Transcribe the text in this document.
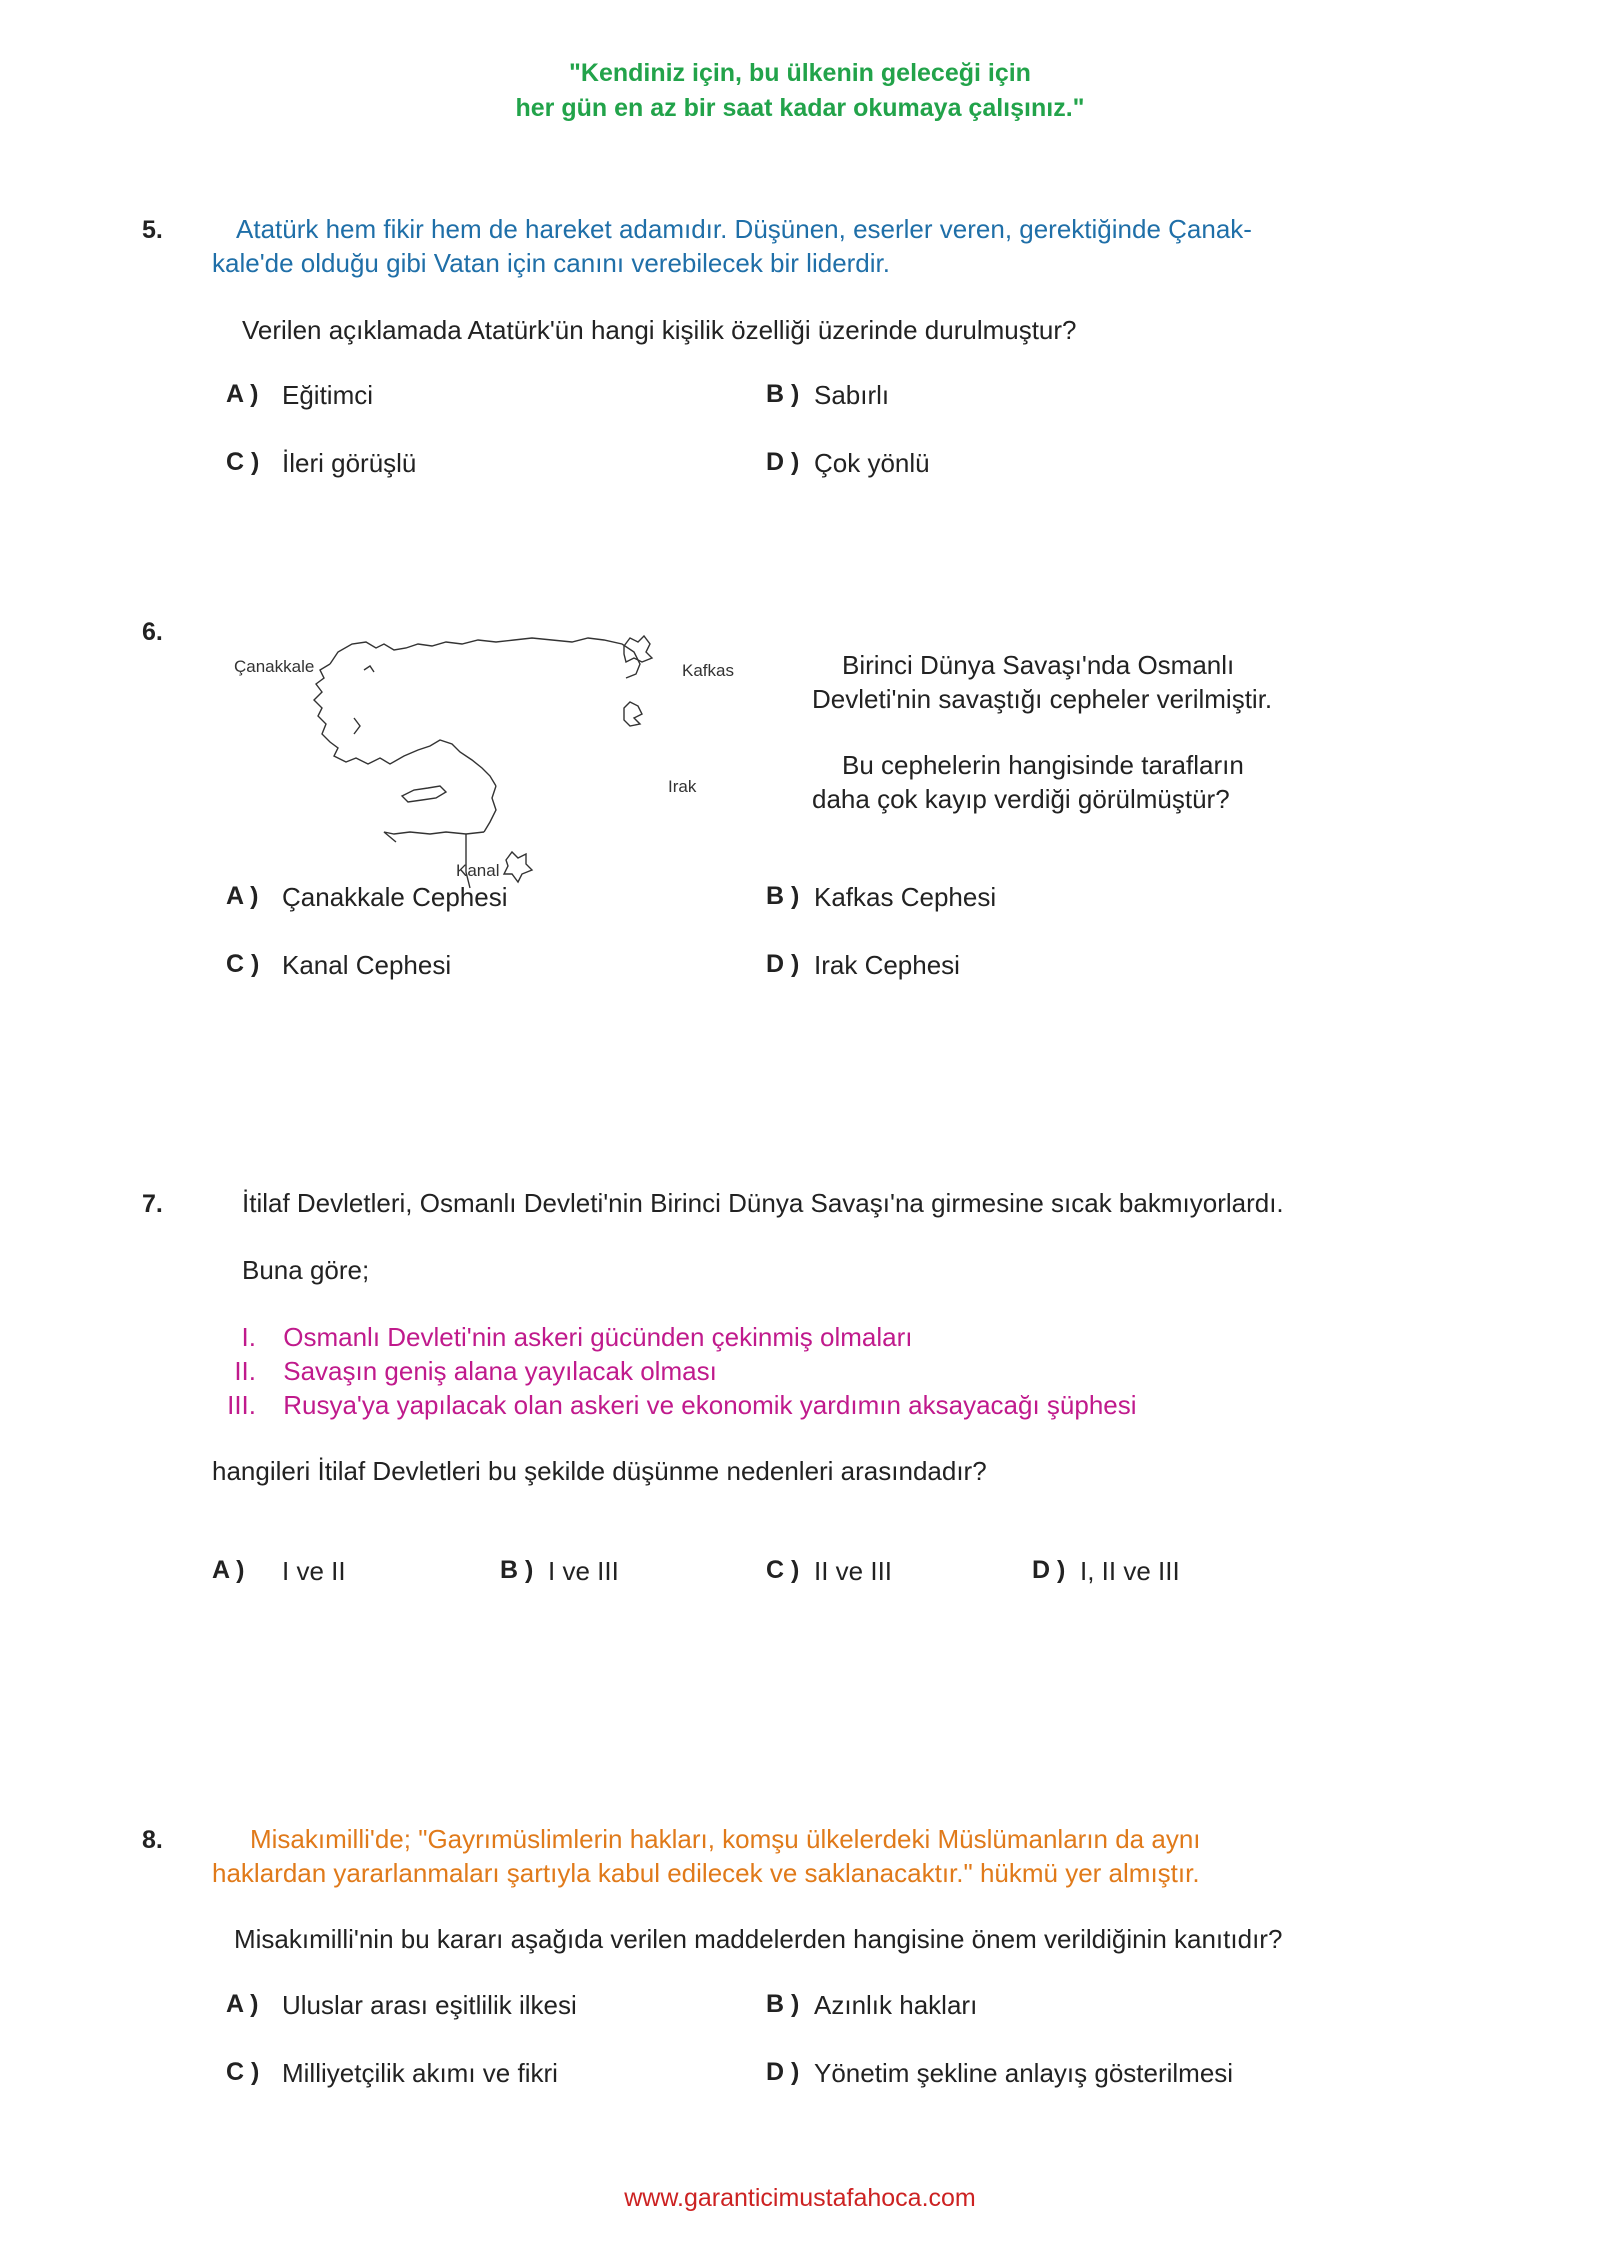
"Kendiniz için, bu ülkenin geleceği için
her gün en az bir saat kadar okumaya çalışınız."
5.	Atatürk hem fikir hem de hareket adamıdır. Düşünen, eserler veren, gerektiğinde Çanak-
kale'de olduğu gibi Vatan için canını verebilecek bir liderdir.
Verilen açıklamada Atatürk'ün hangi kişilik özelliği üzerinde durulmuştur?
A ) Eğitimci	B ) Sabırlı
C ) İleri görüşlü	D ) Çok yönlü
6.
Çanakkale	Kafkas
Irak
Kanal
Birinci Dünya Savaşı'nda Osmanlı
Devleti'nin savaştığı cepheler verilmiştir.
Bu cephelerin hangisinde tarafların
daha çok kayıp verdiği görülmüştür?
A ) Çanakkale Cephesi	B ) Kafkas Cephesi
C ) Kanal Cephesi	D ) Irak Cephesi
7.	İtilaf Devletleri, Osmanlı Devleti'nin Birinci Dünya Savaşı'na girmesine sıcak bakmıyorlardı.
Buna göre;
I. Osmanlı Devleti'nin askeri gücünden çekinmiş olmaları
II. Savaşın geniş alana yayılacak olması
III. Rusya'ya yapılacak olan askeri ve ekonomik yardımın aksayacağı şüphesi
hangileri İtilaf Devletleri bu şekilde düşünme nedenleri arasındadır?
A ) I ve II	B ) I ve III	C ) II ve III	D ) I, II ve III
8.	Misakımilli'de; "Gayrımüslimlerin hakları, komşu ülkelerdeki Müslümanların da aynı
haklardan yararlanmaları şartıyla kabul edilecek ve saklanacaktır." hükmü yer almıştır.
Misakımilli'nin bu kararı aşağıda verilen maddelerden hangisine önem verildiğinin kanıtıdır?
A ) Uluslar arası eşitlilik ilkesi	B ) Azınlık hakları
C ) Milliyetçilik akımı ve fikri	D ) Yönetim şekline anlayış gösterilmesi
www.garanticimustafahoca.com
